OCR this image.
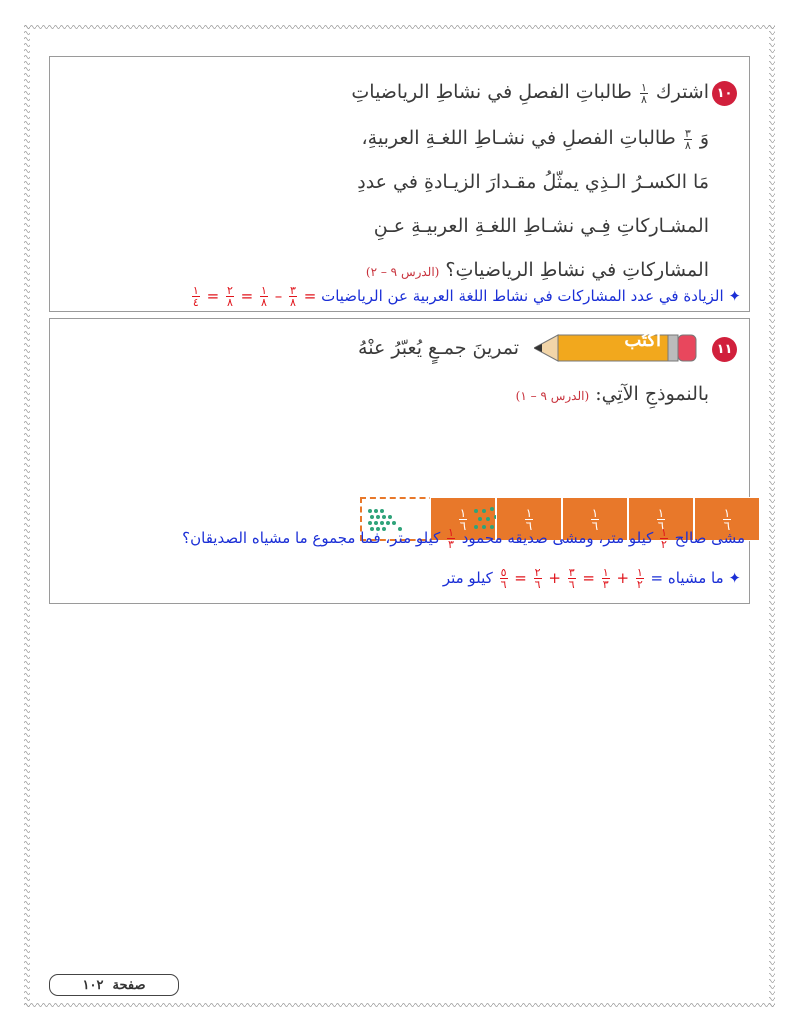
١٠
اشترك
$\frac{١}{٨}$
طالباتِ الفصلِ في نشاطِ الرياضياتِ
وَ
$\frac{٣}{٨}$
طالباتِ الفصلِ في نشـاطِ اللغـةِ العربيةِ،
مَا الكسـرُ الـذِي يمثّلُ مقـدارَ الزيـادةِ في عددِ
المشـاركاتِ فِـي نشـاطِ اللغـةِ العربيـةِ عـنِ
المشاركاتِ في نشاطِ الرياضياتِ؟ (الدرس ٩ – ٢)
✦ الزيادة في عدد المشاركات في نشاط اللغة العربية عن الرياضيات =
$\frac{٣}{٨}$
–
$\frac{١}{٨}$
=
$\frac{٢}{٨}$
=
$\frac{١}{٤}$
١١
اكتُب
تمرينَ جمـعٍ يُعبّرُ عنْهُ
بالنموذجِ الآتِي: (الدرس ٩ – ١)
$\frac{١}{٦}$	$\frac{١}{٦}$	$\frac{١}{٦}$	$\frac{١}{٦}$	$\frac{١}{٦}$
مشى صالح
$\frac{١}{٢}$
كيلو متر، ومشى صديقه محمود
$\frac{١}{٣}$
كيلو متر، فما مجموع ما مشياه الصديقان؟
✦ ما مشياه =
$\frac{١}{٢}$
+
$\frac{١}{٣}$
=
$\frac{٣}{٦}$
+
$\frac{٢}{٦}$
=
$\frac{٥}{٦}$
كيلو متر
صفحة

١٠٢
